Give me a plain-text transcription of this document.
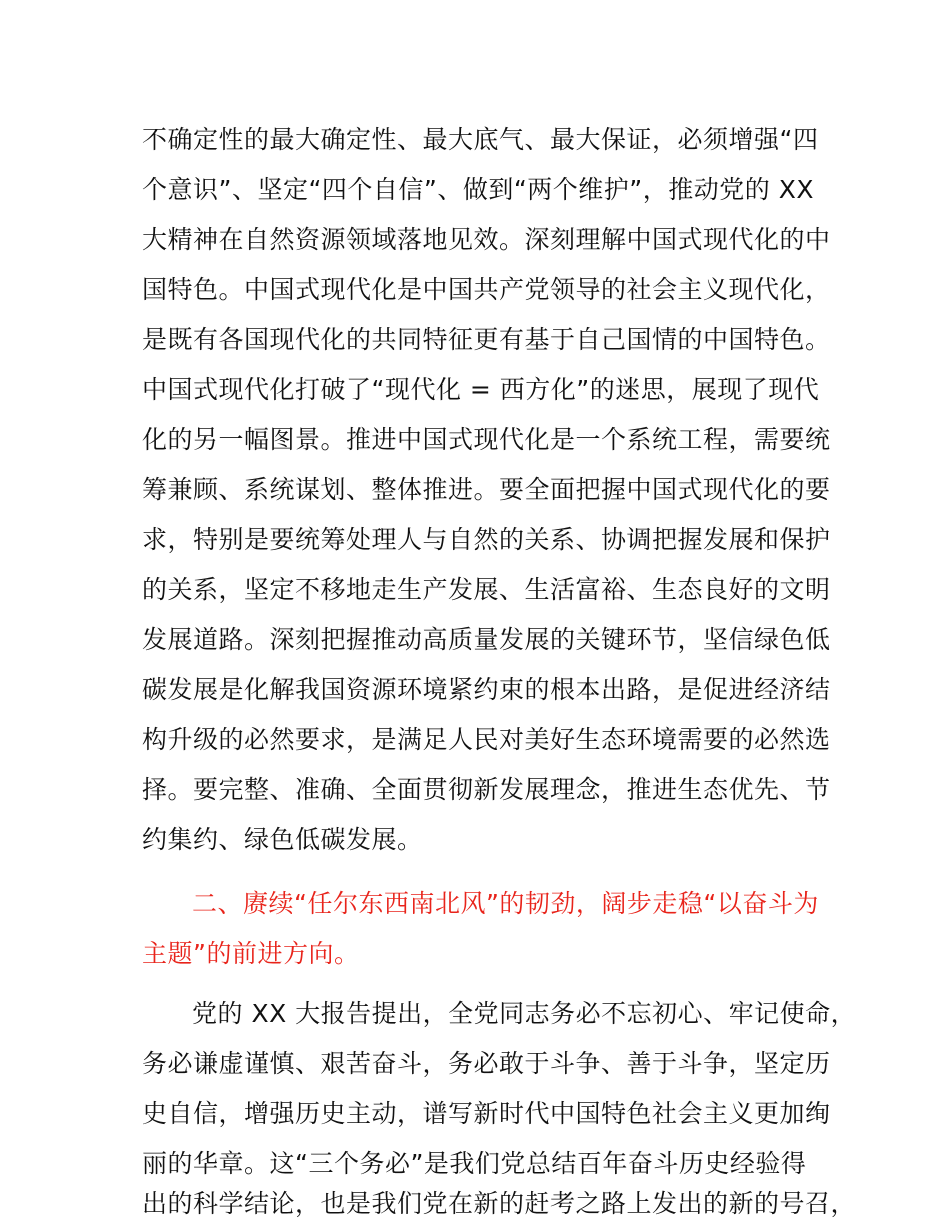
不确定性的最大确定性、最大底气、最大保证，必须增强“四
个意识”、坚定“四个自信”、做到“两个维护”，推动党的 XX
大精神在自然资源领域落地见效。深刻理解中国式现代化的中
国特色。中国式现代化是中国共产党领导的社会主义现代化，
是既有各国现代化的共同特征更有基于自己国情的中国特色。
中国式现代化打破了“现代化 = 西方化”的迷思，展现了现代
化的另一幅图景。推进中国式现代化是一个系统工程，需要统
筹兼顾、系统谋划、整体推进。要全面把握中国式现代化的要
求，特别是要统筹处理人与自然的关系、协调把握发展和保护
的关系，坚定不移地走生产发展、生活富裕、生态良好的文明
发展道路。深刻把握推动高质量发展的关键环节，坚信绿色低
碳发展是化解我国资源环境紧约束的根本出路，是促进经济结
构升级的必然要求，是满足人民对美好生态环境需要的必然选
择。要完整、准确、全面贯彻新发展理念，推进生态优先、节
约集约、绿色低碳发展。
二、赓续“任尔东西南北风”的韧劲，阔步走稳“以奋斗为
主题”的前进方向。
党的 XX 大报告提出，全党同志务必不忘初心、牢记使命，
务必谦虚谨慎、艰苦奋斗，务必敢于斗争、善于斗争，坚定历
史自信，增强历史主动，谱写新时代中国特色社会主义更加绚
丽的华章。这“三个务必”是我们党总结百年奋斗历史经验得
出的科学结论，也是我们党在新的赶考之路上发出的新的号召，
